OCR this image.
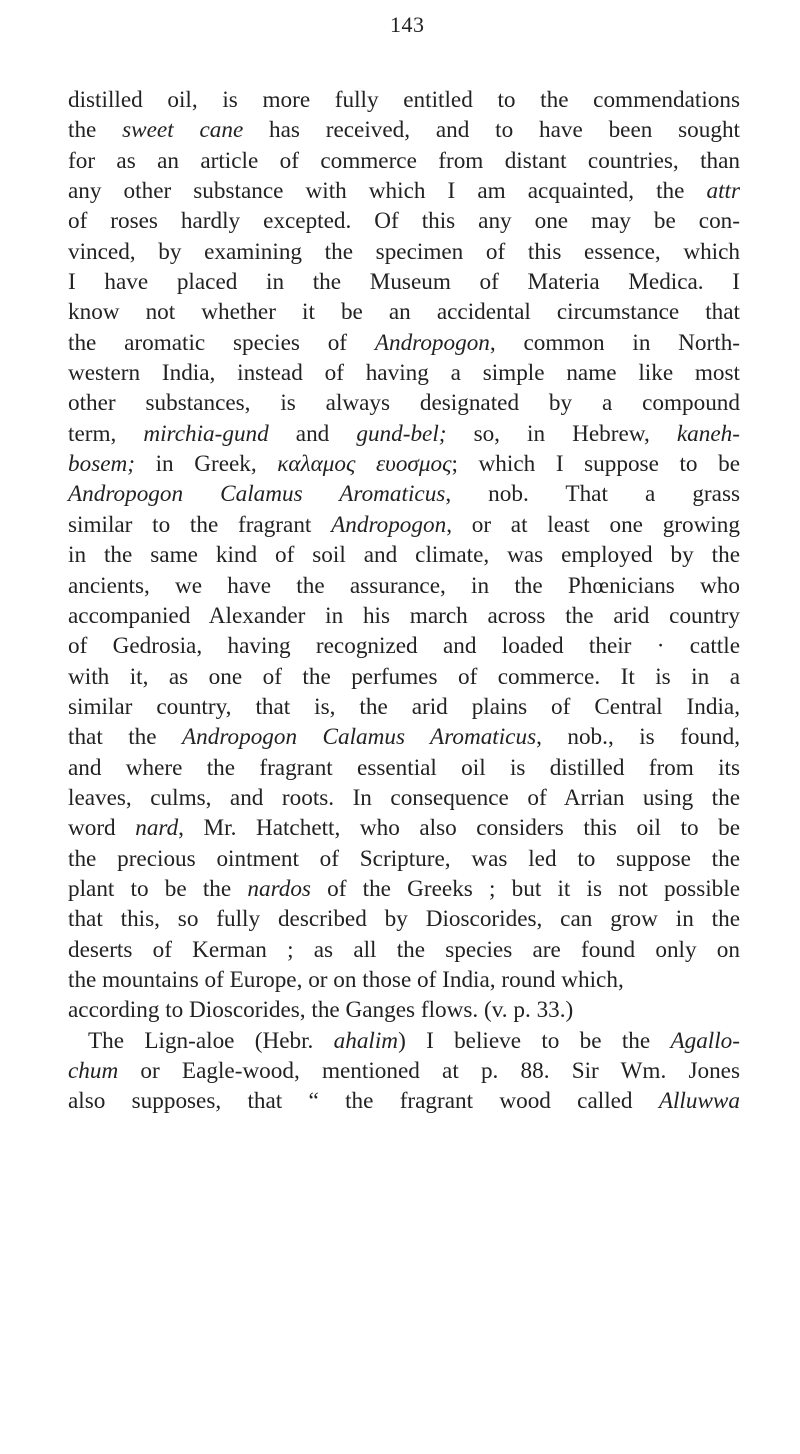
143
distilled oil, is more fully entitled to the commendations
the sweet cane has received, and to have been sought
for as an article of commerce from distant countries, than
any other substance with which I am acquainted, the attr
of roses hardly excepted. Of this any one may be con-
vinced, by examining the specimen of this essence, which
I have placed in the Museum of Materia Medica. I
know not whether it be an accidental circumstance that
the aromatic species of Andropogon, common in North-
western India, instead of having a simple name like most
other substances, is always designated by a compound
term, mirchia-gund and gund-bel; so, in Hebrew, kaneh-
bosem; in Greek, καλαμος ευοσμος; which I suppose to be
Andropogon Calamus Aromaticus, nob. That a grass
similar to the fragrant Andropogon, or at least one growing
in the same kind of soil and climate, was employed by the
ancients, we have the assurance, in the Phœnicians who
accompanied Alexander in his march across the arid country
of Gedrosia, having recognized and loaded their · cattle
with it, as one of the perfumes of commerce. It is in a
similar country, that is, the arid plains of Central India,
that the Andropogon Calamus Aromaticus, nob., is found,
and where the fragrant essential oil is distilled from its
leaves, culms, and roots. In consequence of Arrian using the
word nard, Mr. Hatchett, who also considers this oil to be
the precious ointment of Scripture, was led to suppose the
plant to be the nardos of the Greeks ; but it is not possible
that this, so fully described by Dioscorides, can grow in the
deserts of Kerman ; as all the species are found only on
the mountains of Europe, or on those of India, round which,
according to Dioscorides, the Ganges flows. (v. p. 33.)
The Lign-aloe (Hebr. ahalim) I believe to be the Agallo-
chum or Eagle-wood, mentioned at p. 88. Sir Wm. Jones
also supposes, that “ the fragrant wood called Alluwwa
